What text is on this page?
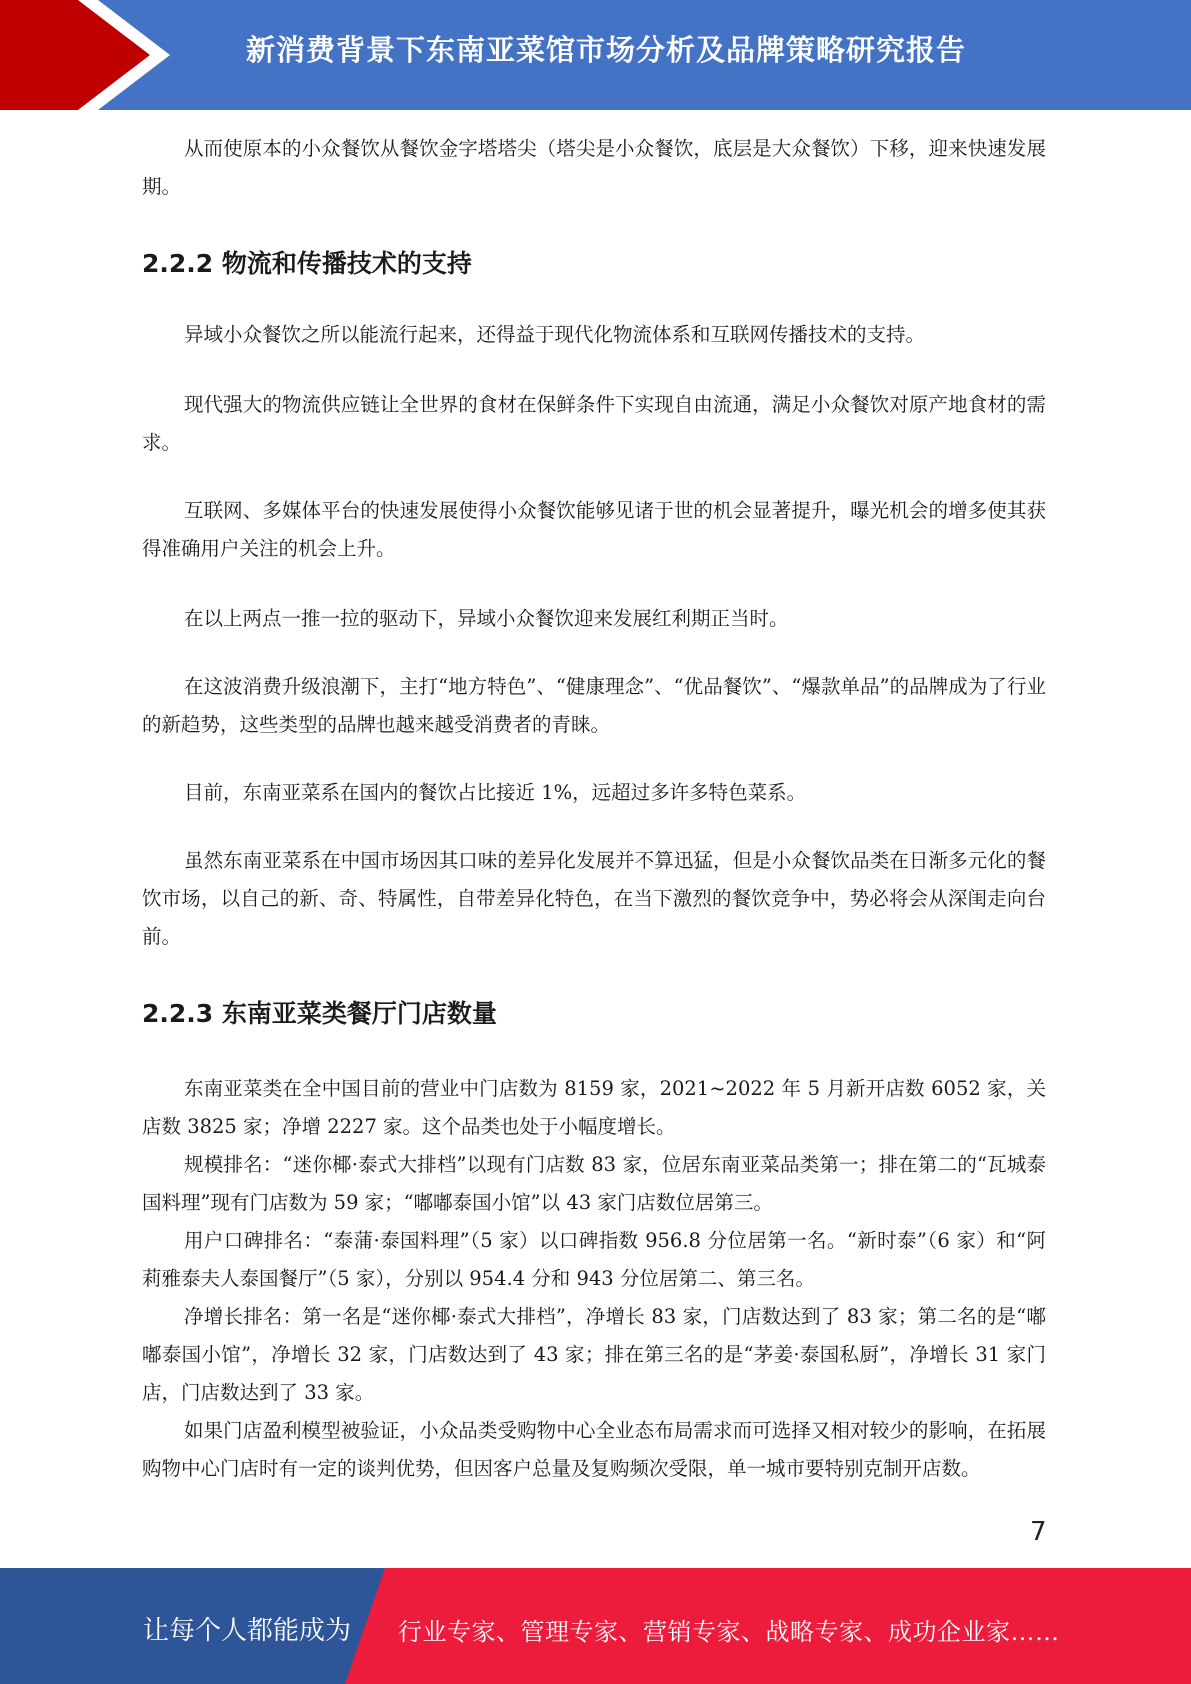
新消费背景下东南亚菜馆市场分析及品牌策略研究报告

从而使原本的小众餐饮从餐饮金字塔塔尖（塔尖是小众餐饮，底层是大众餐饮）下移，迎来快速发展期。

2.2.2 物流和传播技术的支持

异域小众餐饮之所以能流行起来，还得益于现代化物流体系和互联网传播技术的支持。

现代强大的物流供应链让全世界的食材在保鲜条件下实现自由流通，满足小众餐饮对原产地食材的需求。

互联网、多媒体平台的快速发展使得小众餐饮能够见诸于世的机会显著提升，曝光机会的增多使其获得准确用户关注的机会上升。

在以上两点一推一拉的驱动下，异域小众餐饮迎来发展红利期正当时。

在这波消费升级浪潮下，主打“地方特色”、“健康理念”、“优品餐饮”、“爆款单品”的品牌成为了行业的新趋势，这些类型的品牌也越来越受消费者的青睐。

目前，东南亚菜系在国内的餐饮占比接近 1%，远超过多许多特色菜系。

虽然东南亚菜系在中国市场因其口味的差异化发展并不算迅猛，但是小众餐饮品类在日渐多元化的餐饮市场，以自己的新、奇、特属性，自带差异化特色，在当下激烈的餐饮竞争中，势必将会从深闺走向台前。

2.2.3 东南亚菜类餐厅门店数量

东南亚菜类在全中国目前的营业中门店数为 8159 家，2021~2022 年 5 月新开店数 6052 家，关店数 3825 家；净增 2227 家。这个品类也处于小幅度增长。

规模排名：“迷你椰·泰式大排档”以现有门店数 83 家，位居东南亚菜品类第一；排在第二的“瓦城泰国料理”现有门店数为 59 家；“嘟嘟泰国小馆”以 43 家门店数位居第三。

用户口碑排名：“泰蒲·泰国料理”（5 家）以口碑指数 956.8 分位居第一名。“新时泰”（6 家）和“阿莉雅泰夫人泰国餐厅”（5 家），分别以 954.4 分和 943 分位居第二、第三名。

净增长排名：第一名是“迷你椰·泰式大排档”，净增长 83 家，门店数达到了 83 家；第二名的是“嘟嘟泰国小馆”，净增长 32 家，门店数达到了 43 家；排在第三名的是“茅姜·泰国私厨”，净增长 31 家门店，门店数达到了 33 家。

如果门店盈利模型被验证，小众品类受购物中心全业态布局需求而可选择又相对较少的影响，在拓展购物中心门店时有一定的谈判优势，但因客户总量及复购频次受限，单一城市要特别克制开店数。

7
让每个人都能成为 行业专家、管理专家、营销专家、战略专家、成功企业家……
